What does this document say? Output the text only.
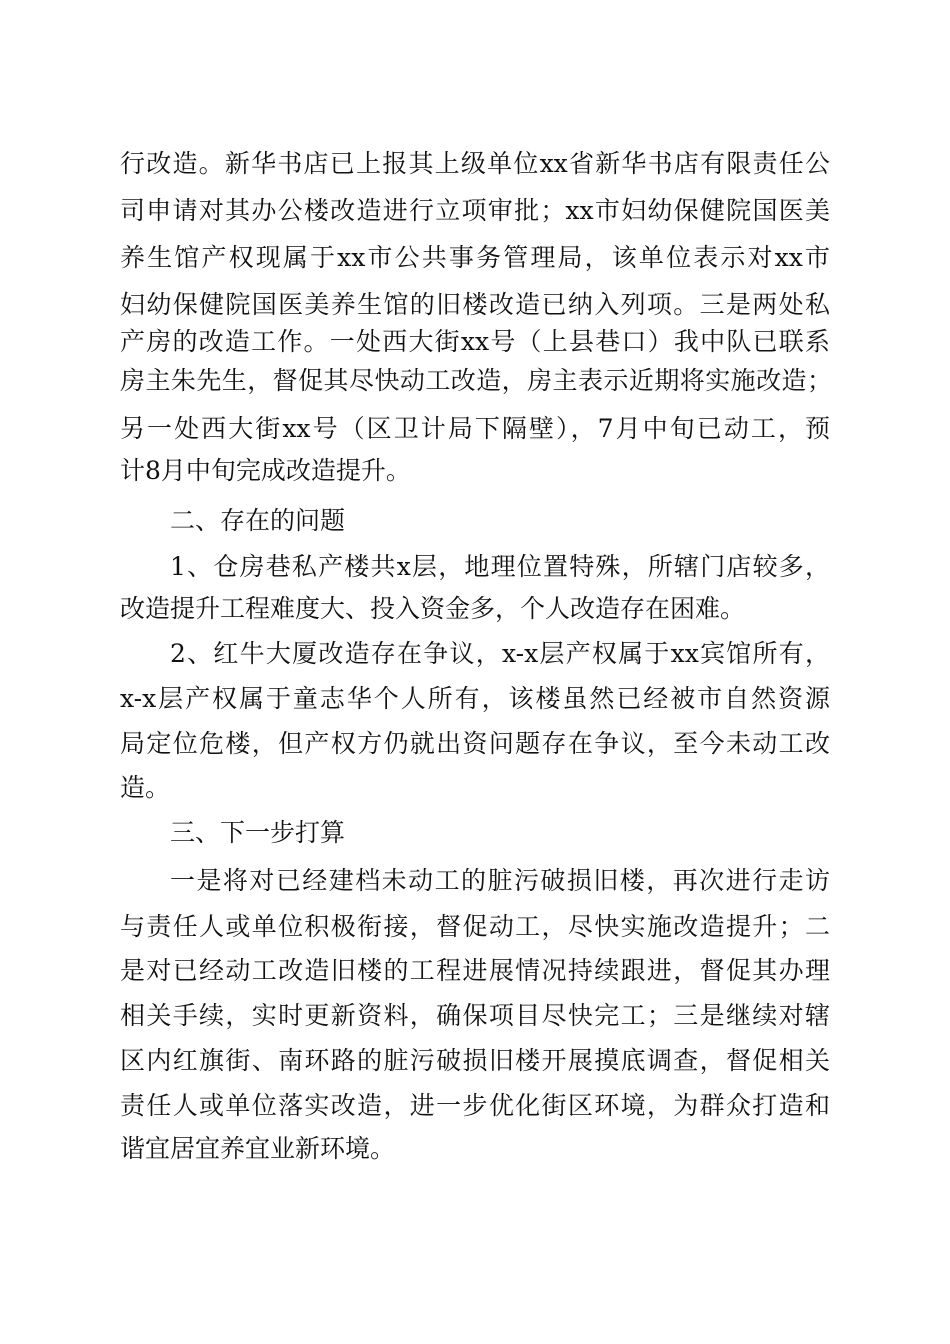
行改造。新华书店已上报其上级单位xx省新华书店有限责任公
司申请对其办公楼改造进行立项审批；xx市妇幼保健院国医美
养生馆产权现属于xx市公共事务管理局，该单位表示对xx市
妇幼保健院国医美养生馆的旧楼改造已纳入列项。三是两处私
产房的改造工作。一处西大街xx号（上县巷口）我中队已联系
房主朱先生，督促其尽快动工改造，房主表示近期将实施改造；
另一处西大街xx号（区卫计局下隔壁），7月中旬已动工，预
计8月中旬完成改造提升。
二、存在的问题
1、仓房巷私产楼共x层，地理位置特殊，所辖门店较多，
改造提升工程难度大、投入资金多，个人改造存在困难。
2、红牛大厦改造存在争议，x-x层产权属于xx宾馆所有，
x-x层产权属于童志华个人所有，该楼虽然已经被市自然资源
局定位危楼，但产权方仍就出资问题存在争议，至今未动工改
造。
三、下一步打算
一是将对已经建档未动工的脏污破损旧楼，再次进行走访
与责任人或单位积极衔接，督促动工，尽快实施改造提升；二
是对已经动工改造旧楼的工程进展情况持续跟进，督促其办理
相关手续，实时更新资料，确保项目尽快完工；三是继续对辖
区内红旗街、南环路的脏污破损旧楼开展摸底调查，督促相关
责任人或单位落实改造，进一步优化街区环境，为群众打造和
谐宜居宜养宜业新环境。
